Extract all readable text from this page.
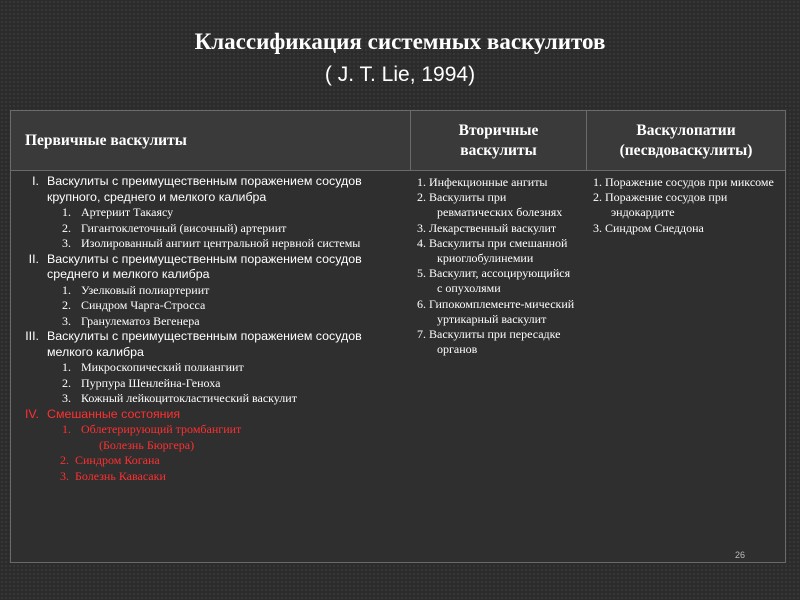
Классификация системных васкулитов
( J. T. Lie, 1994)
Первичные васкулиты
Вторичные васкулиты
Васкулопатии (песвдоваскулиты)
I. Васкулиты с преимущественным поражением сосудов крупного, среднего и мелкого калибра
1. Артериит Такаясу
2. Гигантоклеточный (височный) артериит
3. Изолированный ангиит центральной нервной системы
II. Васкулиты с преимущественным поражением сосудов среднего и мелкого калибра
1. Узелковый полиартериит
2. Синдром Чарга-Стросса
3. Гранулематоз Вегенера
III. Васкулиты с преимущественным поражением сосудов мелкого калибра
1. Микроскопический полиангиит
2. Пурпура Шенлейна-Геноха
3. Кожный лейкоцитокластический васкулит
IV. Смешанные состояния
1. Облетерирующий тромбангиит
(Болезнь Бюргера)
2. Синдром Когана
3. Болезнь Кавасаки
1. Инфекционные ангиты
2. Васкулиты при ревматических болезнях
3. Лекарственный васкулит
4. Васкулиты при смешанной криоглобулинемии
5. Васкулит, ассоцирующийся с опухолями
6. Гипокомплементе-мический уртикарный васкулит
7. Васкулиты при пересадке органов
1. Поражение сосудов при миксоме
2. Поражение сосудов при эндокардите
3. Синдром Снеддона
26
